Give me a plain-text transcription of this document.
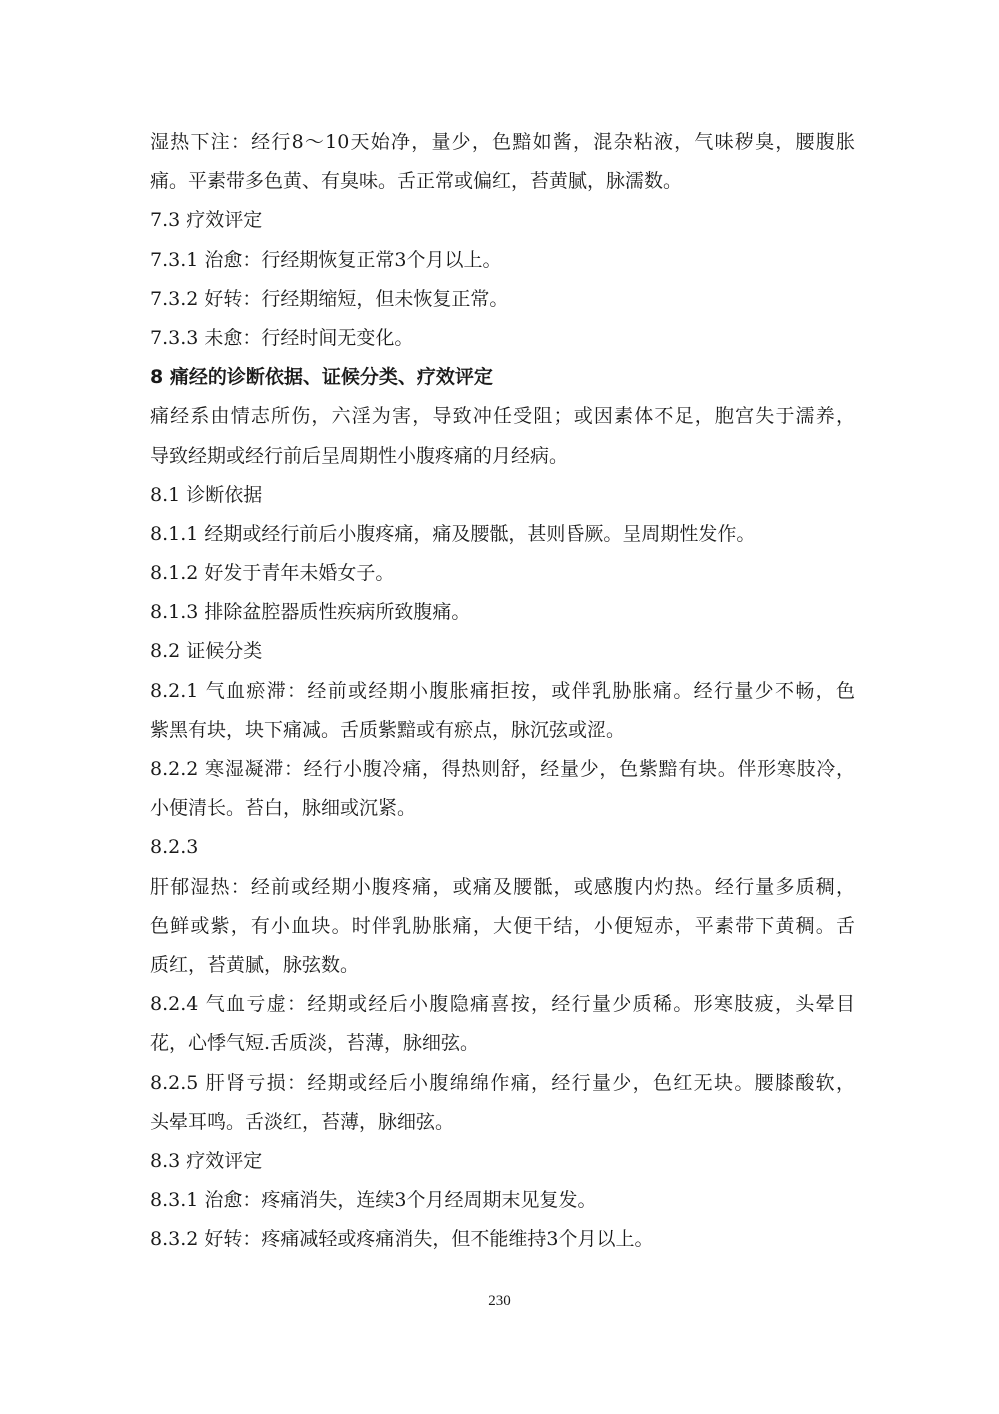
湿热下注：经行8～10天始净，量少，色黯如酱，混杂粘液，气味秽臭，腰腹胀
痛。平素带多色黄、有臭味。舌正常或偏红，苔黄腻，脉濡数。
7.3 疗效评定
7.3.1 治愈：行经期恢复正常3个月以上。
7.3.2 好转：行经期缩短，但未恢复正常。
7.3.3 未愈：行经时间无变化。
8 痛经的诊断依据、证候分类、疗效评定
痛经系由情志所伤，六淫为害，导致冲任受阻；或因素体不足，胞宫失于濡养，
导致经期或经行前后呈周期性小腹疼痛的月经病。
8.1 诊断依据
8.1.1 经期或经行前后小腹疼痛，痛及腰骶，甚则昏厥。呈周期性发作。
8.1.2 好发于青年未婚女子。
8.1.3 排除盆腔器质性疾病所致腹痛。
8.2 证候分类
8.2.1 气血瘀滞：经前或经期小腹胀痛拒按，或伴乳胁胀痛。经行量少不畅，色
紫黑有块，块下痛减。舌质紫黯或有瘀点，脉沉弦或涩。
8.2.2 寒湿凝滞：经行小腹冷痛，得热则舒，经量少，色紫黯有块。伴形寒肢冷，
小便清长。苔白，脉细或沉紧。
8.2.3
肝郁湿热：经前或经期小腹疼痛，或痛及腰骶，或感腹内灼热。经行量多质稠，
色鲜或紫，有小血块。时伴乳胁胀痛，大便干结，小便短赤，平素带下黄稠。舌
质红，苔黄腻，脉弦数。
8.2.4 气血亏虚：经期或经后小腹隐痛喜按，经行量少质稀。形寒肢疲，头晕目
花，心悸气短.舌质淡，苔薄，脉细弦。
8.2.5 肝肾亏损：经期或经后小腹绵绵作痛，经行量少，色红无块。腰膝酸软，
头晕耳鸣。舌淡红，苔薄，脉细弦。
8.3 疗效评定
8.3.1 治愈：疼痛消失，连续3个月经周期末见复发。
8.3.2 好转：疼痛减轻或疼痛消失，但不能维持3个月以上。
230
